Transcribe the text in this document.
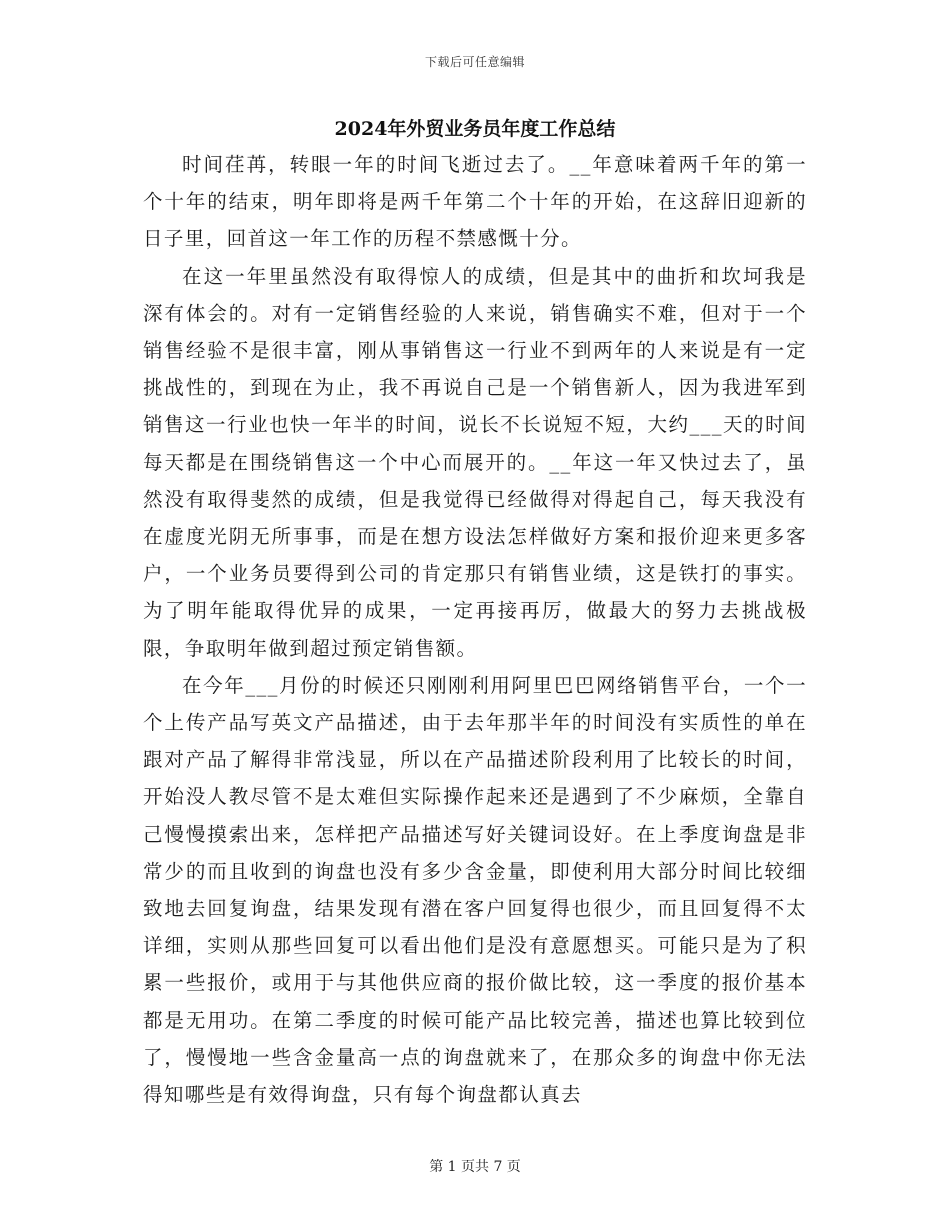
下载后可任意编辑
2024年外贸业务员年度工作总结

时间荏苒，转眼一年的时间飞逝过去了。__年意味着两千年的第一个十年的结束，明年即将是两千年第二个十年的开始，在这辞旧迎新的日子里，回首这一年工作的历程不禁感慨十分。

在这一年里虽然没有取得惊人的成绩，但是其中的曲折和坎坷我是深有体会的。对有一定销售经验的人来说，销售确实不难，但对于一个销售经验不是很丰富，刚从事销售这一行业不到两年的人来说是有一定挑战性的，到现在为止，我不再说自己是一个销售新人，因为我进军到销售这一行业也快一年半的时间，说长不长说短不短，大约___天的时间每天都是在围绕销售这一个中心而展开的。__年这一年又快过去了，虽然没有取得斐然的成绩，但是我觉得已经做得对得起自己，每天我没有在虚度光阴无所事事，而是在想方设法怎样做好方案和报价迎来更多客户，一个业务员要得到公司的肯定那只有销售业绩，这是铁打的事实。为了明年能取得优异的成果，一定再接再厉，做最大的努力去挑战极限，争取明年做到超过预定销售额。

在今年___月份的时候还只刚刚利用阿里巴巴网络销售平台，一个一个上传产品写英文产品描述，由于去年那半年的时间没有实质性的单在跟对产品了解得非常浅显，所以在产品描述阶段利用了比较长的时间，开始没人教尽管不是太难但实际操作起来还是遇到了不少麻烦，全靠自己慢慢摸索出来，怎样把产品描述写好关键词设好。在上季度询盘是非常少的而且收到的询盘也没有多少含金量，即使利用大部分时间比较细致地去回复询盘，结果发现有潜在客户回复得也很少，而且回复得不太详细，实则从那些回复可以看出他们是没有意愿想买。可能只是为了积累一些报价，或用于与其他供应商的报价做比较，这一季度的报价基本都是无用功。在第二季度的时候可能产品比较完善，描述也算比较到位了，慢慢地一些含金量高一点的询盘就来了，在那众多的询盘中你无法得知哪些是有效得询盘，只有每个询盘都认真去

第 1 页共 7 页
